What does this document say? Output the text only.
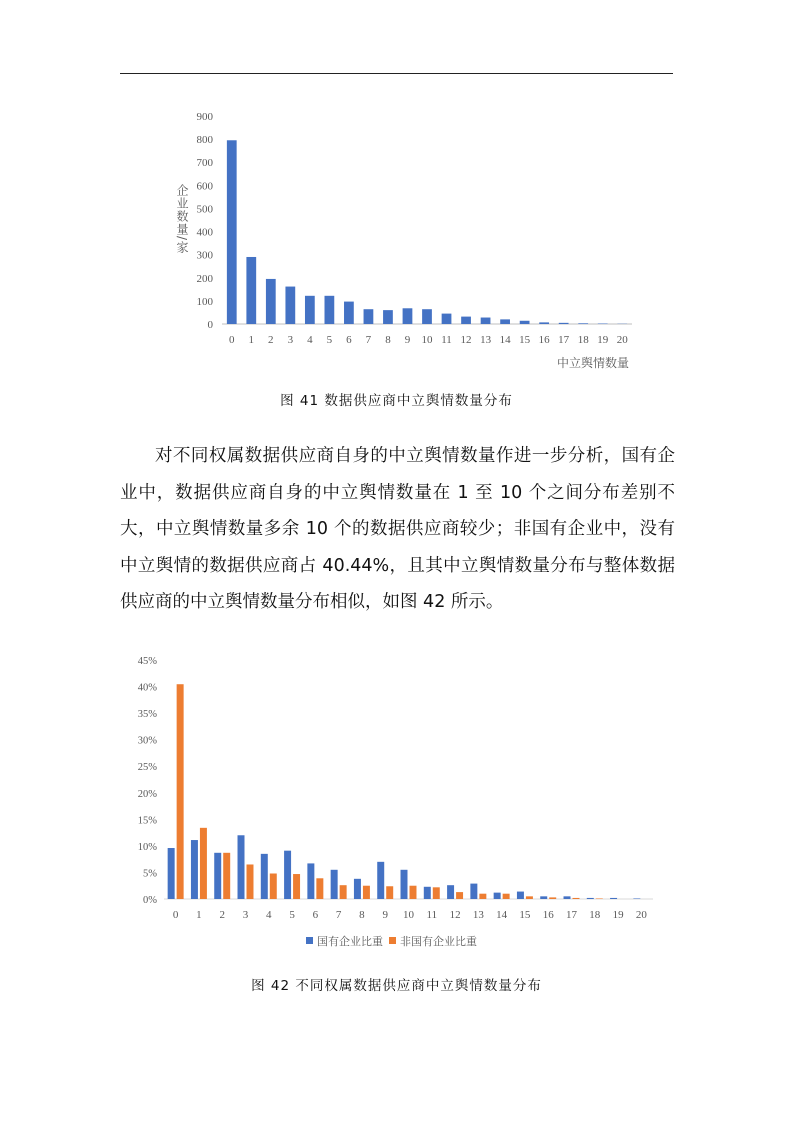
0
100
200
300
400
500
600
700
800
900
0 1 2 3 4 5 6 7 8 9 10 11 12 13 14 15 16 17 18 19 20
企业数量/家
中立舆情数量
图 41 数据供应商中立舆情数量分布

对不同权属数据供应商自身的中立舆情数量作进一步分析，国有企业中，数据供应商自身的中立舆情数量在 1 至 10 个之间分布差别不大，中立舆情数量多余 10 个的数据供应商较少；非国有企业中，没有中立舆情的数据供应商占 40.44%，且其中立舆情数量分布与整体数据供应商的中立舆情数量分布相似，如图 42 所示。

0%
5%
10%
15%
20%
25%
30%
35%
40%
45%
0 1 2 3 4 5 6 7 8 9 10 11 12 13 14 15 16 17 18 19 20
国有企业比重 非国有企业比重
图 42 不同权属数据供应商中立舆情数量分布
